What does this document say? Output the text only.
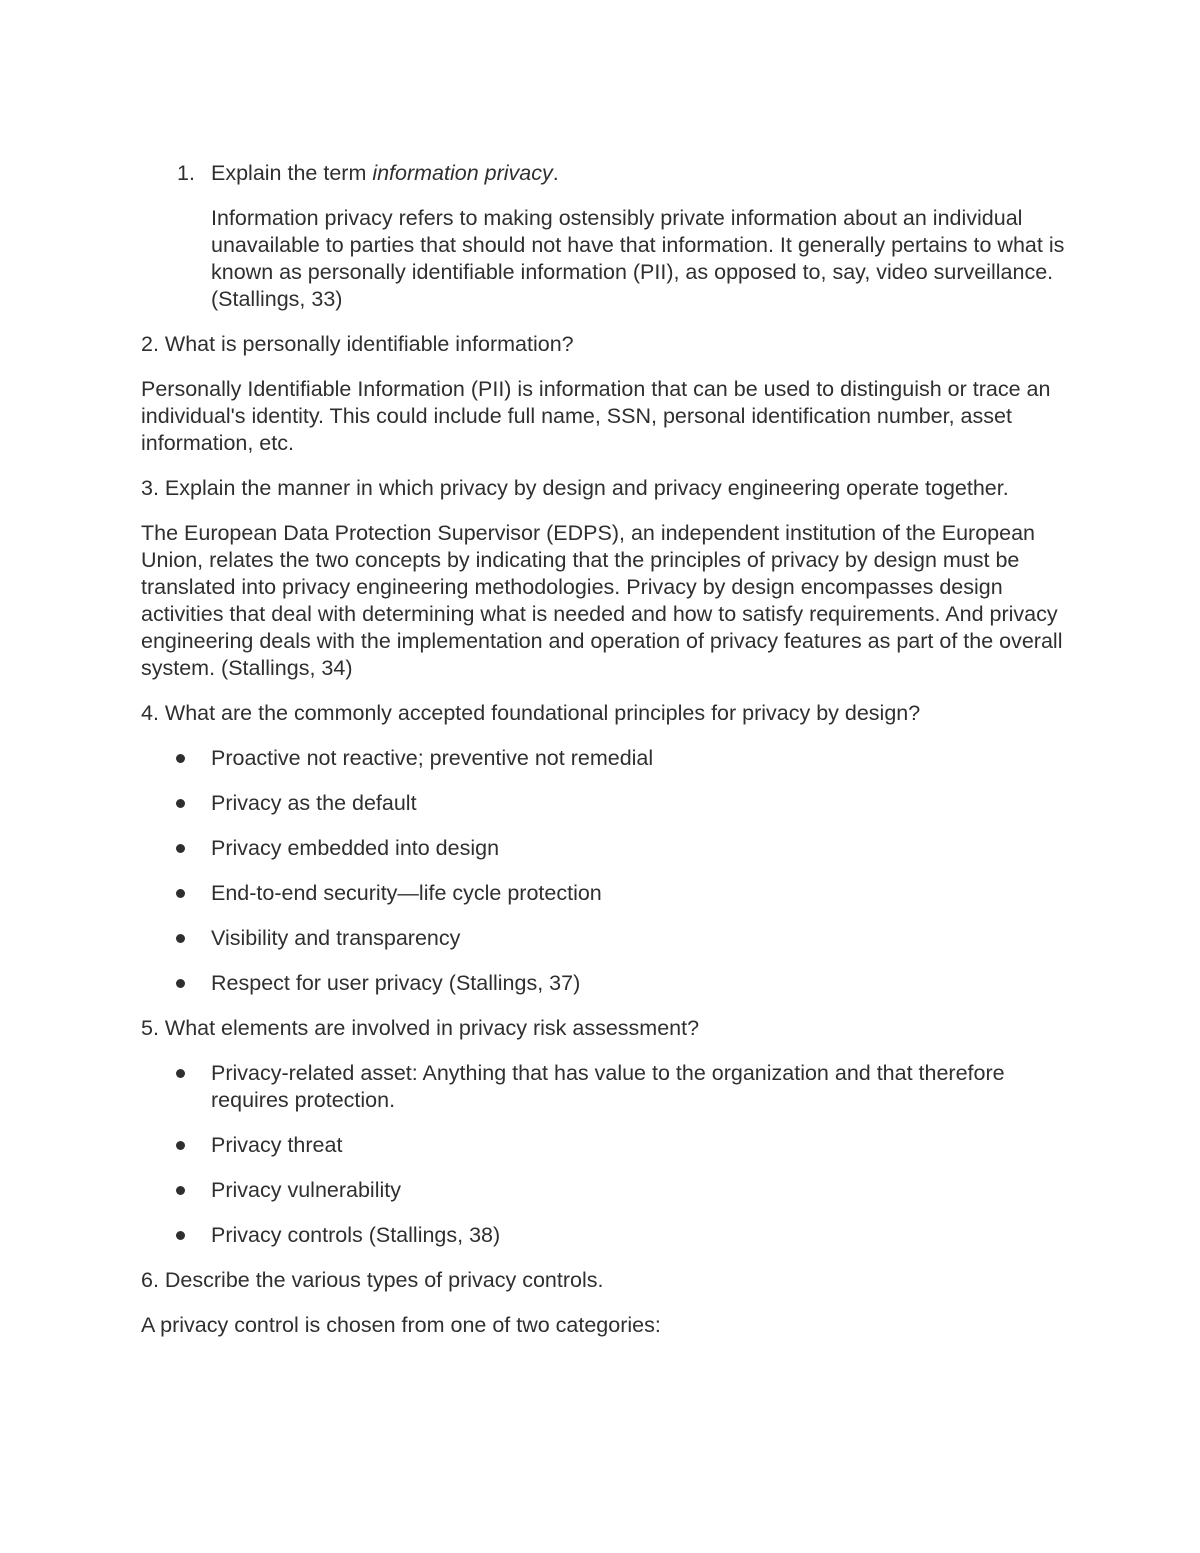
1. Explain the term information privacy.
Information privacy refers to making ostensibly private information about an individual unavailable to parties that should not have that information. It generally pertains to what is known as personally identifiable information (PII), as opposed to, say, video surveillance. (Stallings, 33)

2. What is personally identifiable information?

Personally Identifiable Information (PII) is information that can be used to distinguish or trace an individual's identity. This could include full name, SSN, personal identification number, asset information, etc.

3. Explain the manner in which privacy by design and privacy engineering operate together.

The European Data Protection Supervisor (EDPS), an independent institution of the European Union, relates the two concepts by indicating that the principles of privacy by design must be translated into privacy engineering methodologies. Privacy by design encompasses design activities that deal with determining what is needed and how to satisfy requirements. And privacy engineering deals with the implementation and operation of privacy features as part of the overall system. (Stallings, 34)

4. What are the commonly accepted foundational principles for privacy by design?

Proactive not reactive; preventive not remedial
Privacy as the default
Privacy embedded into design
End-to-end security—life cycle protection
Visibility and transparency
Respect for user privacy (Stallings, 37)

5. What elements are involved in privacy risk assessment?

Privacy-related asset: Anything that has value to the organization and that therefore requires protection.
Privacy threat
Privacy vulnerability
Privacy controls (Stallings, 38)

6. Describe the various types of privacy controls.

A privacy control is chosen from one of two categories:
